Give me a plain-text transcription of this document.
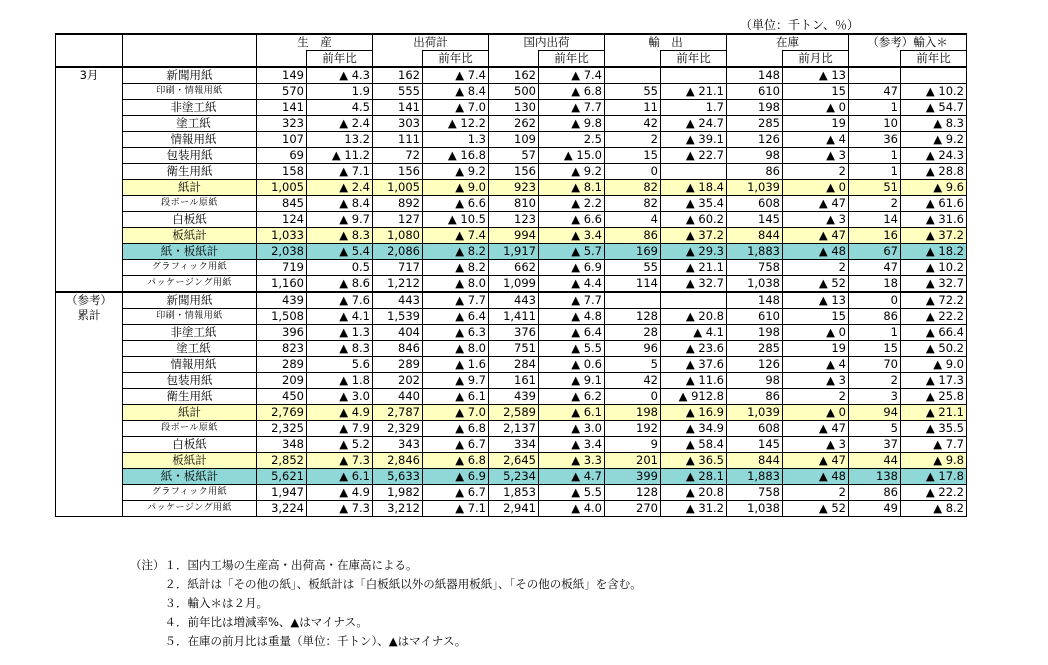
（単位：千トン、％）
		生　産		出荷計		国内出荷		輸　出		在庫		（参考）輸入＊	
			前年比		前年比		前年比		前年比		前月比		前年比
3月	新聞用紙	149	▲ 4.3	162	▲ 7.4	162	▲ 7.4			148	▲ 13		
	印刷・情報用紙	570	1.9	555	▲ 8.4	500	▲ 6.8	55	▲ 21.1	610	15	47	▲ 10.2
	非塗工紙	141	4.5	141	▲ 7.0	130	▲ 7.7	11	1.7	198	▲ 0	1	▲ 54.7
	塗工紙	323	▲ 2.4	303	▲ 12.2	262	▲ 9.8	42	▲ 24.7	285	19	10	▲ 8.3
	情報用紙	107	13.2	111	1.3	109	2.5	2	▲ 39.1	126	▲ 4	36	▲ 9.2
	包装用紙	69	▲ 11.2	72	▲ 16.8	57	▲ 15.0	15	▲ 22.7	98	▲ 3	1	▲ 24.3
	衛生用紙	158	▲ 7.1	156	▲ 9.2	156	▲ 9.2	0		86	2	1	▲ 28.8
	紙計	1,005	▲ 2.4	1,005	▲ 9.0	923	▲ 8.1	82	▲ 18.4	1,039	▲ 0	51	▲ 9.6
	段ボール原紙	845	▲ 8.4	892	▲ 6.6	810	▲ 2.2	82	▲ 35.4	608	▲ 47	2	▲ 61.6
	白板紙	124	▲ 9.7	127	▲ 10.5	123	▲ 6.6	4	▲ 60.2	145	▲ 3	14	▲ 31.6
	板紙計	1,033	▲ 8.3	1,080	▲ 7.4	994	▲ 3.4	86	▲ 37.2	844	▲ 47	16	▲ 37.2
	紙・板紙計	2,038	▲ 5.4	2,086	▲ 8.2	1,917	▲ 5.7	169	▲ 29.3	1,883	▲ 48	67	▲ 18.2
	グラフィック用紙	719	0.5	717	▲ 8.2	662	▲ 6.9	55	▲ 21.1	758	2	47	▲ 10.2
	パッケージング用紙	1,160	▲ 8.6	1,212	▲ 8.0	1,099	▲ 4.4	114	▲ 32.7	1,038	▲ 52	18	▲ 32.7
（参考）
累計	新聞用紙	439	▲ 7.6	443	▲ 7.7	443	▲ 7.7			148	▲ 13	0	▲ 72.2
	印刷・情報用紙	1,508	▲ 4.1	1,539	▲ 6.4	1,411	▲ 4.8	128	▲ 20.8	610	15	86	▲ 22.2
	非塗工紙	396	▲ 1.3	404	▲ 6.3	376	▲ 6.4	28	▲ 4.1	198	▲ 0	1	▲ 66.4
	塗工紙	823	▲ 8.3	846	▲ 8.0	751	▲ 5.5	96	▲ 23.6	285	19	15	▲ 50.2
	情報用紙	289	5.6	289	▲ 1.6	284	▲ 0.6	5	▲ 37.6	126	▲ 4	70	▲ 9.0
	包装用紙	209	▲ 1.8	202	▲ 9.7	161	▲ 9.1	42	▲ 11.6	98	▲ 3	2	▲ 17.3
	衛生用紙	450	▲ 3.0	440	▲ 6.1	439	▲ 6.2	0	▲ 912.8	86	2	3	▲ 25.8
	紙計	2,769	▲ 4.9	2,787	▲ 7.0	2,589	▲ 6.1	198	▲ 16.9	1,039	▲ 0	94	▲ 21.1
	段ボール原紙	2,325	▲ 7.9	2,329	▲ 6.8	2,137	▲ 3.0	192	▲ 34.9	608	▲ 47	5	▲ 35.5
	白板紙	348	▲ 5.2	343	▲ 6.7	334	▲ 3.4	9	▲ 58.4	145	▲ 3	37	▲ 7.7
	板紙計	2,852	▲ 7.3	2,846	▲ 6.8	2,645	▲ 3.3	201	▲ 36.5	844	▲ 47	44	▲ 9.8
	紙・板紙計	5,621	▲ 6.1	5,633	▲ 6.9	5,234	▲ 4.7	399	▲ 28.1	1,883	▲ 48	138	▲ 17.8
	グラフィック用紙	1,947	▲ 4.9	1,982	▲ 6.7	1,853	▲ 5.5	128	▲ 20.8	758	2	86	▲ 22.2
	パッケージング用紙	3,224	▲ 7.3	3,212	▲ 7.1	2,941	▲ 4.0	270	▲ 31.2	1,038	▲ 52	49	▲ 8.2
（注）１．国内工場の生産高・出荷高・在庫高による。
　　　２．紙計は「その他の紙」、板紙計は「白板紙以外の紙器用板紙」、「その他の板紙」を含む。
　　　３．輸入＊は２月。
　　　４．前年比は増減率%、▲はマイナス。
　　　５．在庫の前月比は重量（単位：千トン）、▲はマイナス。
